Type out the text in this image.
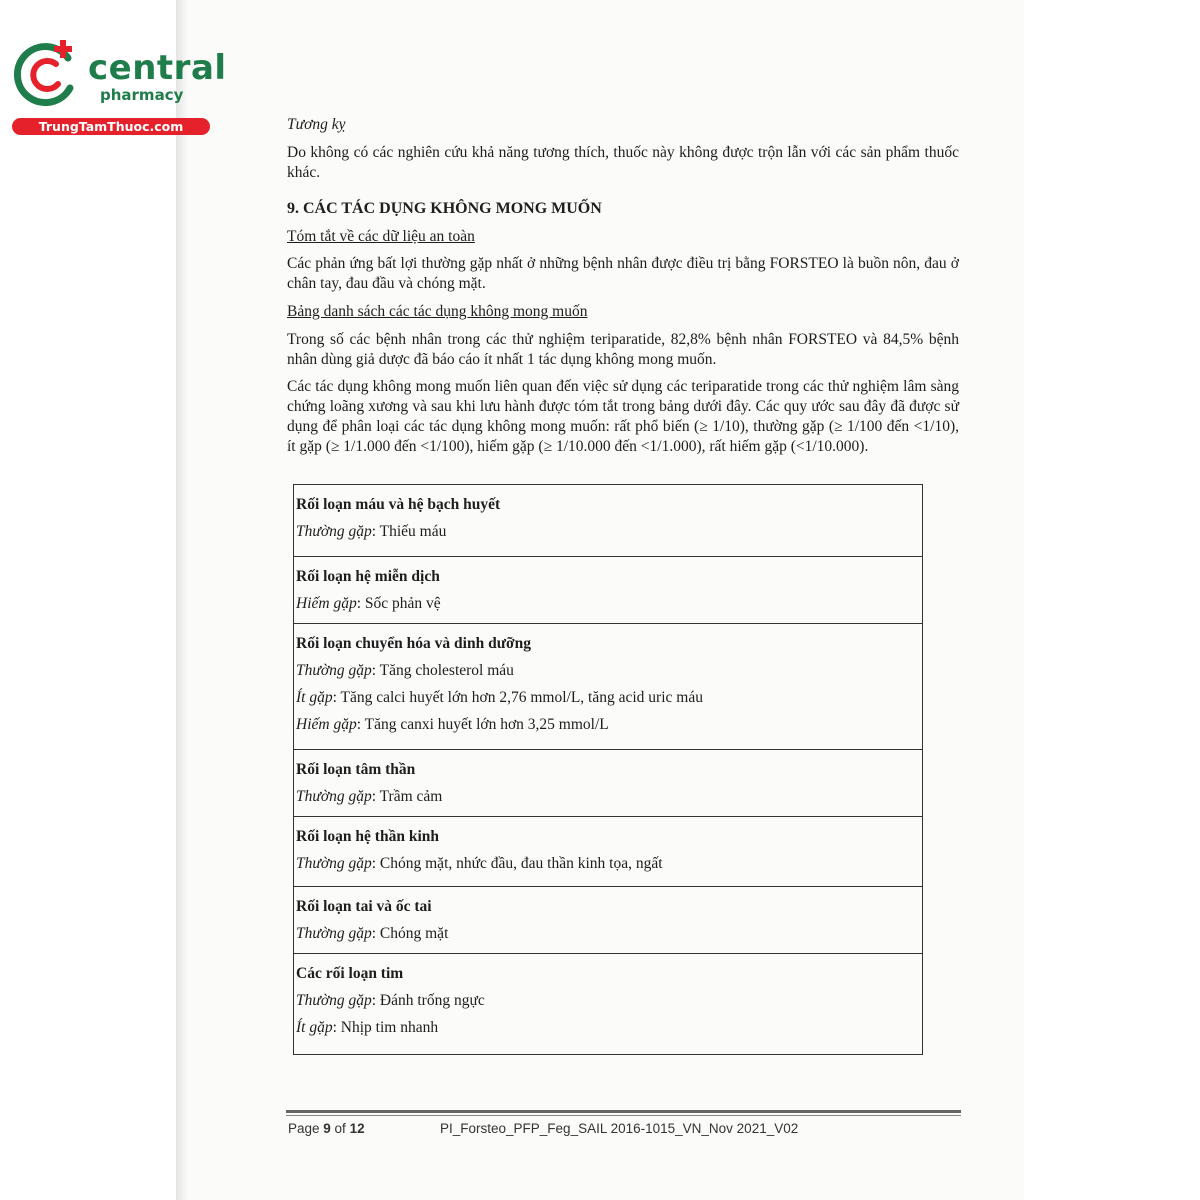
central
pharmacy
TrungTamThuoc.com	Tương kỵ

Do không có các nghiên cứu khả năng tương thích, thuốc này không được trộn lẫn với các sản phẩm thuốc khác.

9. CÁC TÁC DỤNG KHÔNG MONG MUỐN

Tóm tắt về các dữ liệu an toàn

Các phản ứng bất lợi thường gặp nhất ở những bệnh nhân được điều trị bằng FORSTEO là buồn nôn, đau ở chân tay, đau đầu và chóng mặt.

Bảng danh sách các tác dụng không mong muốn

Trong số các bệnh nhân trong các thử nghiệm teriparatide, 82,8% bệnh nhân FORSTEO và 84,5% bệnh nhân dùng giả dược đã báo cáo ít nhất 1 tác dụng không mong muốn.

Các tác dụng không mong muốn liên quan đến việc sử dụng các teriparatide trong các thử nghiệm lâm sàng chứng loãng xương và sau khi lưu hành được tóm tắt trong bảng dưới đây. Các quy ước sau đây đã được sử dụng để phân loại các tác dụng không mong muốn: rất phổ biến (≥ 1/10), thường gặp (≥ 1/100 đến <1/10), ít gặp (≥ 1/1.000 đến <1/100), hiếm gặp (≥ 1/10.000 đến <1/1.000), rất hiếm gặp (<1/10.000).

Rối loạn máu và hệ bạch huyết
Thường gặp: Thiếu máu

Rối loạn hệ miễn dịch
Hiếm gặp: Sốc phản vệ

Rối loạn chuyển hóa và dinh dưỡng
Thường gặp: Tăng cholesterol máu
Ít gặp: Tăng calci huyết lớn hơn 2,76 mmol/L, tăng acid uric máu
Hiếm gặp: Tăng canxi huyết lớn hơn 3,25 mmol/L

Rối loạn tâm thần
Thường gặp: Trầm cảm

Rối loạn hệ thần kinh
Thường gặp: Chóng mặt, nhức đầu, đau thần kinh tọa, ngất

Rối loạn tai và ốc tai
Thường gặp: Chóng mặt

Các rối loạn tim
Thường gặp: Đánh trống ngực
Ít gặp: Nhịp tim nhanh
Page 9 of 12	PI_Forsteo_PFP_Feg_SAIL 2016-1015_VN_Nov 2021_V02
